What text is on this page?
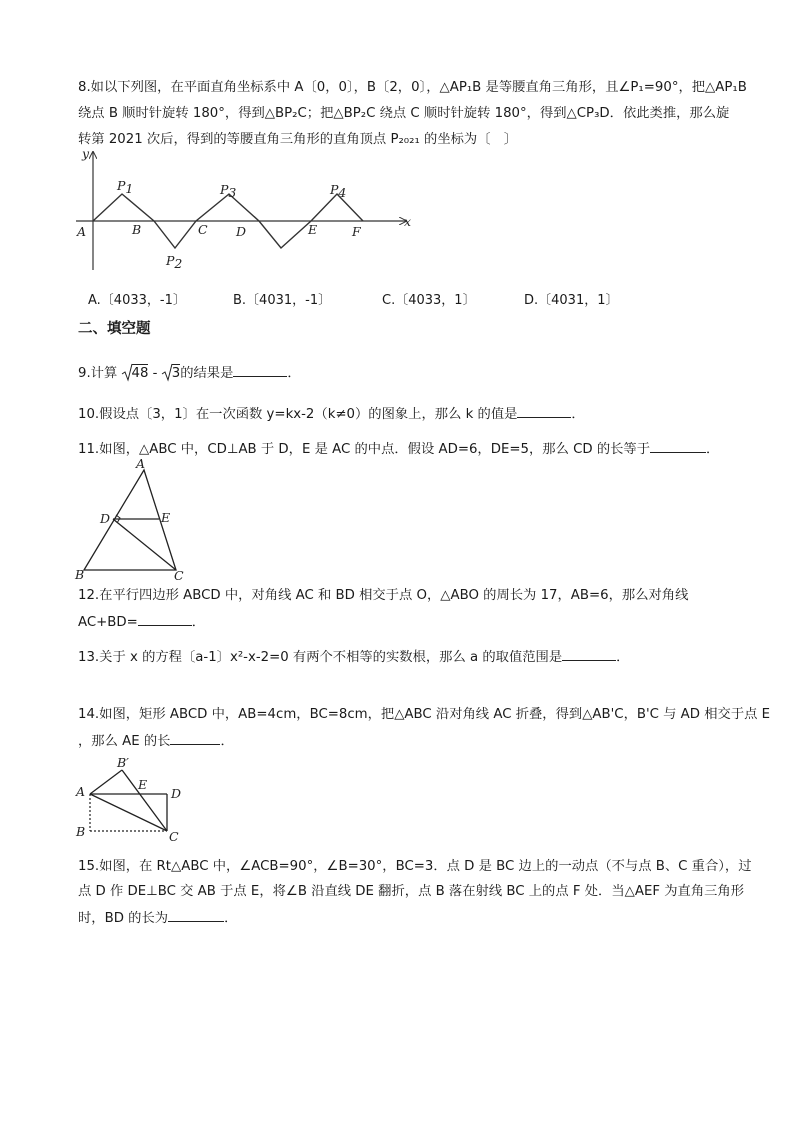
8.如以下列图，在平面直角坐标系中 A〔0，0〕，B〔2，0〕，△AP₁B 是等腰直角三角形，且∠P₁=90°，把△AP₁B
绕点 B 顺时针旋转 180°，得到△BP₂C；把△BP₂C 绕点 C 顺时针旋转 180°，得到△CP₃D．依此类推，那么旋
转第 2021 次后，得到的等腰直角三角形的直角顶点 P₂₀₂₁ 的坐标为〔　〕
y
x
A	B	C D	E	F
P1
P2
P3	P4
A.〔4033，-1〕	B.〔4031，-1〕	C.〔4033，1〕	D.〔4031，1〕
二、填空题
9.计算 48 - 3的结果是	．
10.假设点〔3，1〕在一次函数 y=kx-2（k≠0）的图象上，那么 k 的值是	．
11.如图，△ABC 中，CD⊥AB 于 D，E 是 AC 的中点．假设 AD=6，DE=5，那么 CD 的长等于	．
A
D	E
B	C
12.在平行四边形 ABCD 中，对角线 AC 和 BD 相交于点 O，△ABO 的周长为 17，AB=6，那么对角线
AC+BD=	．
13.关于 x 的方程〔a-1〕x²-x-2=0 有两个不相等的实数根，那么 a 的取值范围是	．
14.如图，矩形 ABCD 中，AB=4cm，BC=8cm，把△ABC 沿对角线 AC 折叠，得到△AB'C，B'C 与 AD 相交于点 E
，那么 AE 的长	．
B′
A	E
D
B	C
15.如图，在 Rt△ABC 中，∠ACB=90°，∠B=30°，BC=3．点 D 是 BC 边上的一动点（不与点 B、C 重合），过
点 D 作 DE⊥BC 交 AB 于点 E，将∠B 沿直线 DE 翻折，点 B 落在射线 BC 上的点 F 处．当△AEF 为直角三角形
时，BD 的长为	．
